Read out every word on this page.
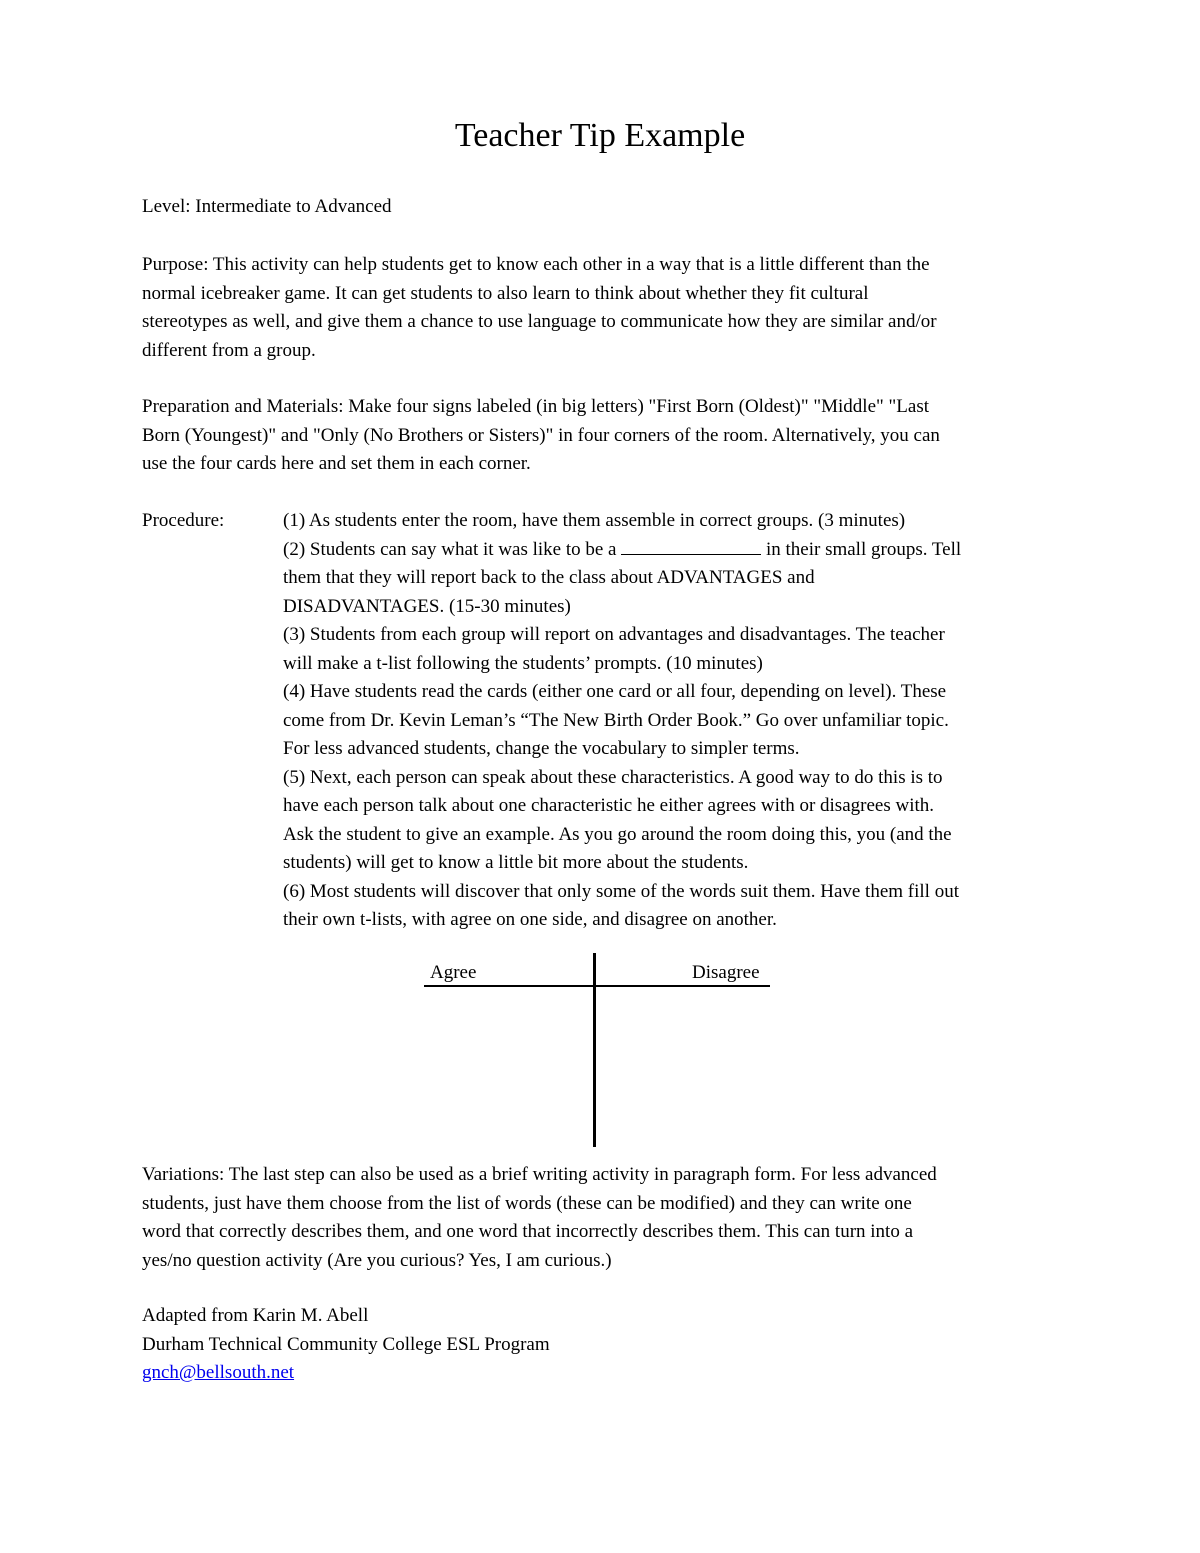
Teacher Tip Example
Level: Intermediate to Advanced
Purpose: This activity can help students get to know each other in a way that is a little different than the
normal icebreaker game. It can get students to also learn to think about whether they fit cultural
stereotypes as well, and give them a chance to use language to communicate how they are similar and/or
different from a group.
Preparation and Materials: Make four signs labeled (in big letters) "First Born (Oldest)" "Middle" "Last
Born (Youngest)" and "Only (No Brothers or Sisters)" in four corners of the room. Alternatively, you can
use the four cards here and set them in each corner.
Procedure:	(1) As students enter the room, have them assemble in correct groups. (3 minutes)
(2) Students can say what it was like to be a	in their small groups. Tell
them that they will report back to the class about ADVANTAGES and
DISADVANTAGES. (15-30 minutes)
(3) Students from each group will report on advantages and disadvantages. The teacher
will make a t-list following the students’ prompts. (10 minutes)
(4) Have students read the cards (either one card or all four, depending on level). These
come from Dr. Kevin Leman’s “The New Birth Order Book.” Go over unfamiliar topic.
For less advanced students, change the vocabulary to simpler terms.
(5) Next, each person can speak about these characteristics. A good way to do this is to
have each person talk about one characteristic he either agrees with or disagrees with.
Ask the student to give an example. As you go around the room doing this, you (and the
students) will get to know a little bit more about the students.
(6) Most students will discover that only some of the words suit them. Have them fill out
their own t-lists, with agree on one side, and disagree on another.
Agree	Disagree
Variations: The last step can also be used as a brief writing activity in paragraph form. For less advanced
students, just have them choose from the list of words (these can be modified) and they can write one
word that correctly describes them, and one word that incorrectly describes them. This can turn into a
yes/no question activity (Are you curious? Yes, I am curious.)
Adapted from Karin M. Abell
Durham Technical Community College ESL Program
gnch@bellsouth.net
